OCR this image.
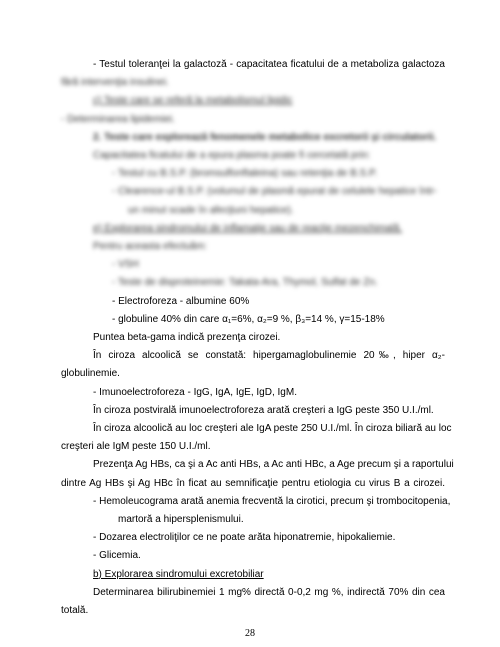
- Testul toleranţei la galactoză - capacitatea ficatului de a metaboliza galactoza
fără intervenţia insulinei.
c) Teste care se referă la metabolismul lipidic
- Determinarea lipidemiei.
2. Teste care explorează fenomenele metabolice excretorii şi circulatorii.
Capacitatea ficatului de a epura plasma poate fi cercetată prin:
- Testul cu B.S.P. (bromsulfonftaleina) sau retenţia de B.S.P.
- Clearence-ul B.S.P. (volumul de plasmă epurat de celulele hepatice într-
un minut scade în afecţiuni hepatice).
e) Explorarea sindromului de inflamaţie sau de reacţie mezenchimală.
Pentru aceasta efectuăm:
- VSH
- Teste de disproteinemie: Takata-Ara, Thymol, Sulfat de Zn.
- Electroforeza - albumine 60%
- globuline 40% din care α₁=6%, α₂=9 %, β₃=14 %, γ=15-18%
Puntea beta-gama indică prezenţa cirozei.
În ciroza alcoolică se constată: hipergamaglobulinemie 20‰, hiper α₂-
globulinemie.
- Imunoelectroforeza - IgG, IgA, IgE, IgD, IgM.
În ciroza postvirală imunoelectroforeza arată creşteri a IgG peste 350 U.I./ml.
În ciroza alcoolică au loc creşteri ale IgA peste 250 U.I./ml. În ciroza biliară au loc
creşteri ale IgM peste 150 U.I./ml.
Prezenţa Ag HBs, ca şi a Ac anti HBs, a Ac anti HBc, a Age precum şi a raportului
dintre Ag HBs şi Ag HBc în ficat au semnificaţie pentru etiologia cu virus B a cirozei.
- Hemoleucograma arată anemia frecventă la cirotici, precum şi trombocitopenia,
martoră a hipersplenismului.
- Dozarea electroliţilor ce ne poate arăta hiponatremie, hipokaliemie.
- Glicemia.
b) Explorarea sindromului excretobiliar
Determinarea bilirubinemiei 1 mg% directă 0-0,2 mg %, indirectă 70% din cea
totală.
28
